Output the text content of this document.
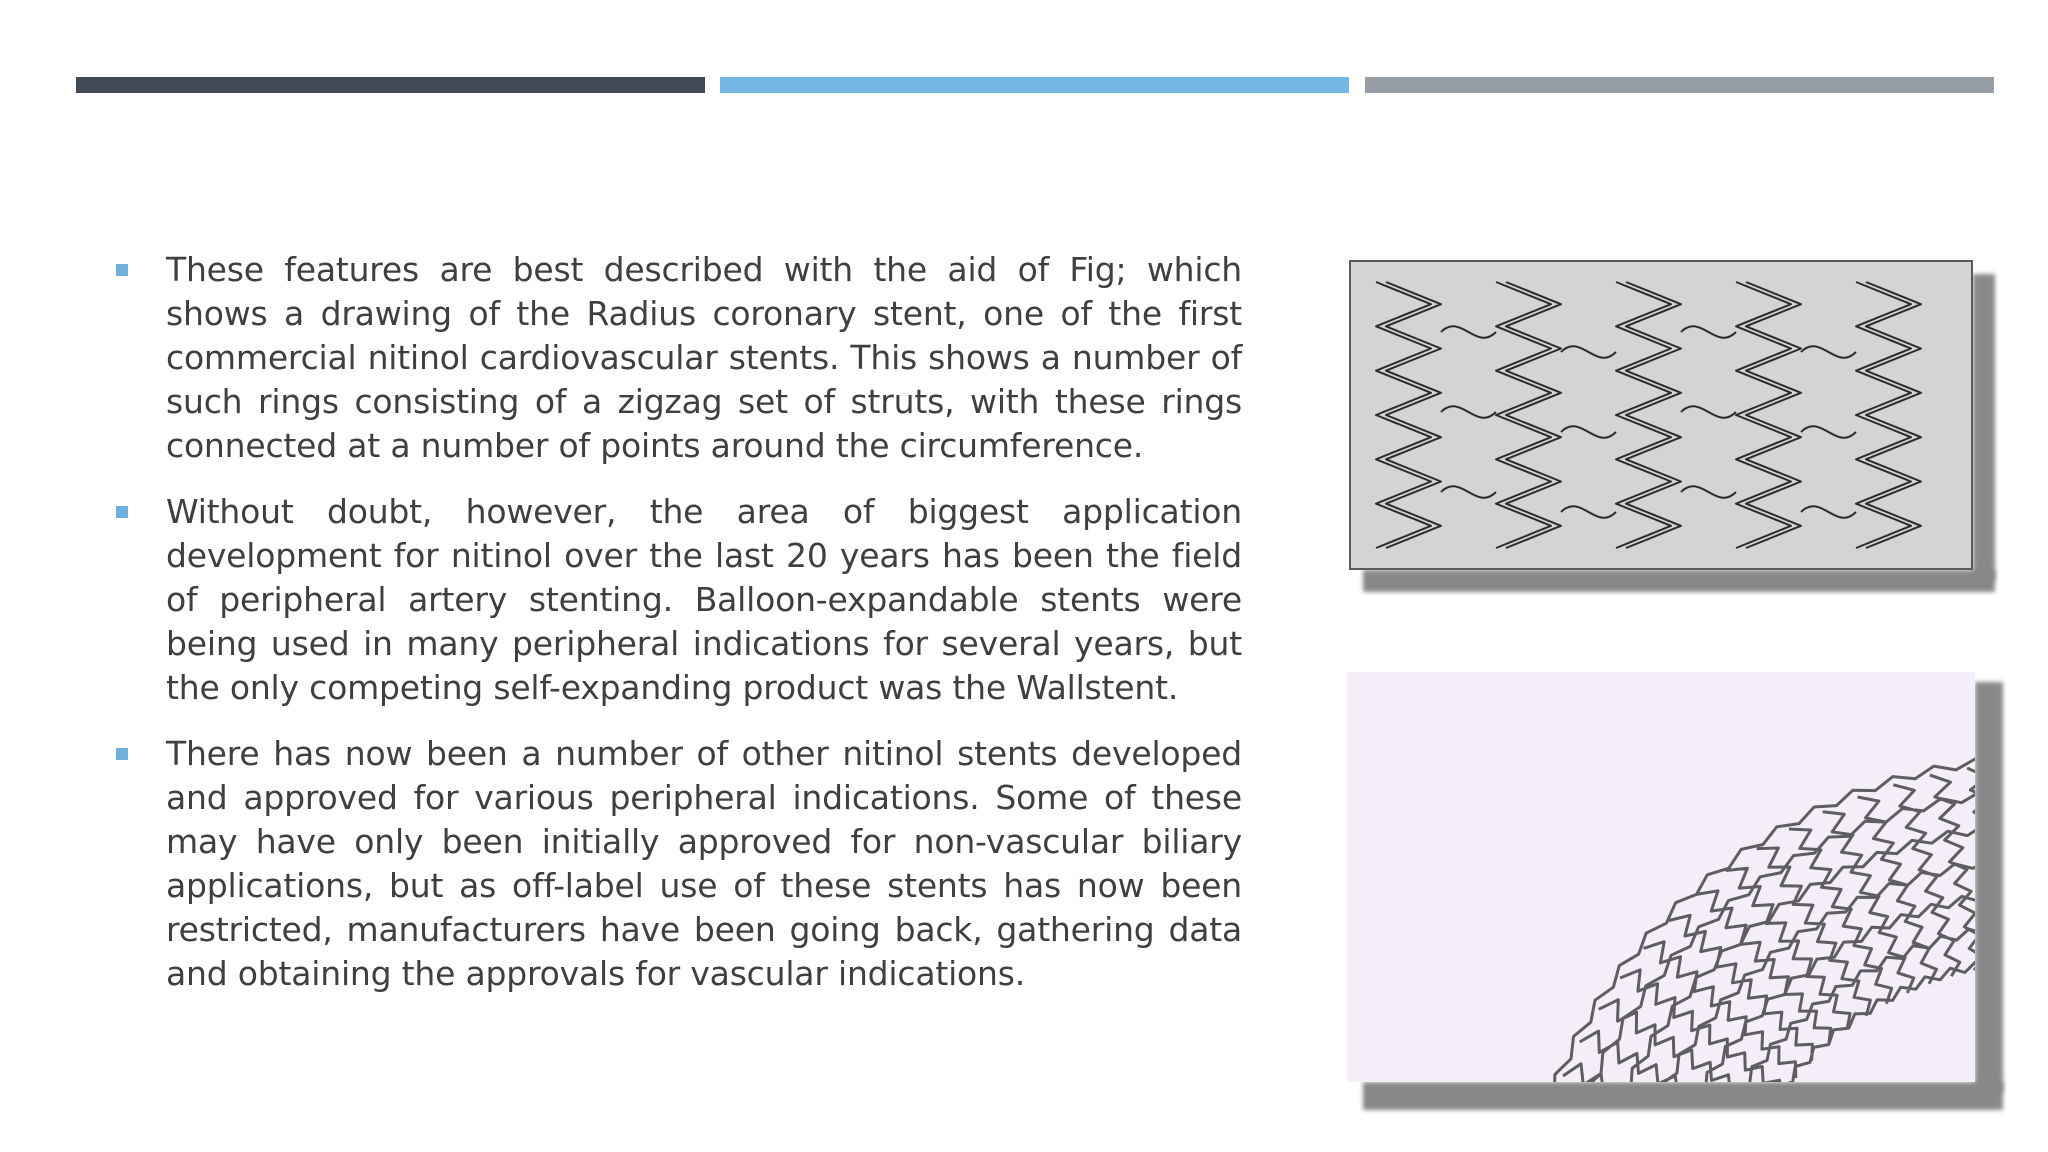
These features are best described with the aid of Fig; which shows a drawing of the Radius coronary stent, one of the first commercial nitinol cardiovascular stents. This shows a number of such rings consisting of a zigzag set of struts, with these rings connected at a number of points around the circumference.
Without doubt, however, the area of biggest application development for nitinol over the last 20 years has been the field of peripheral artery stenting. Balloon-expandable stents were being used in many peripheral indications for several years, but the only competing self-expanding product was the Wallstent.
There has now been a number of other nitinol stents developed and approved for various peripheral indications. Some of these may have only been initially approved for non-vascular biliary applications, but as off-label use of these stents has now been restricted, manufacturers have been going back, gathering data and obtaining the approvals for vascular indications.
